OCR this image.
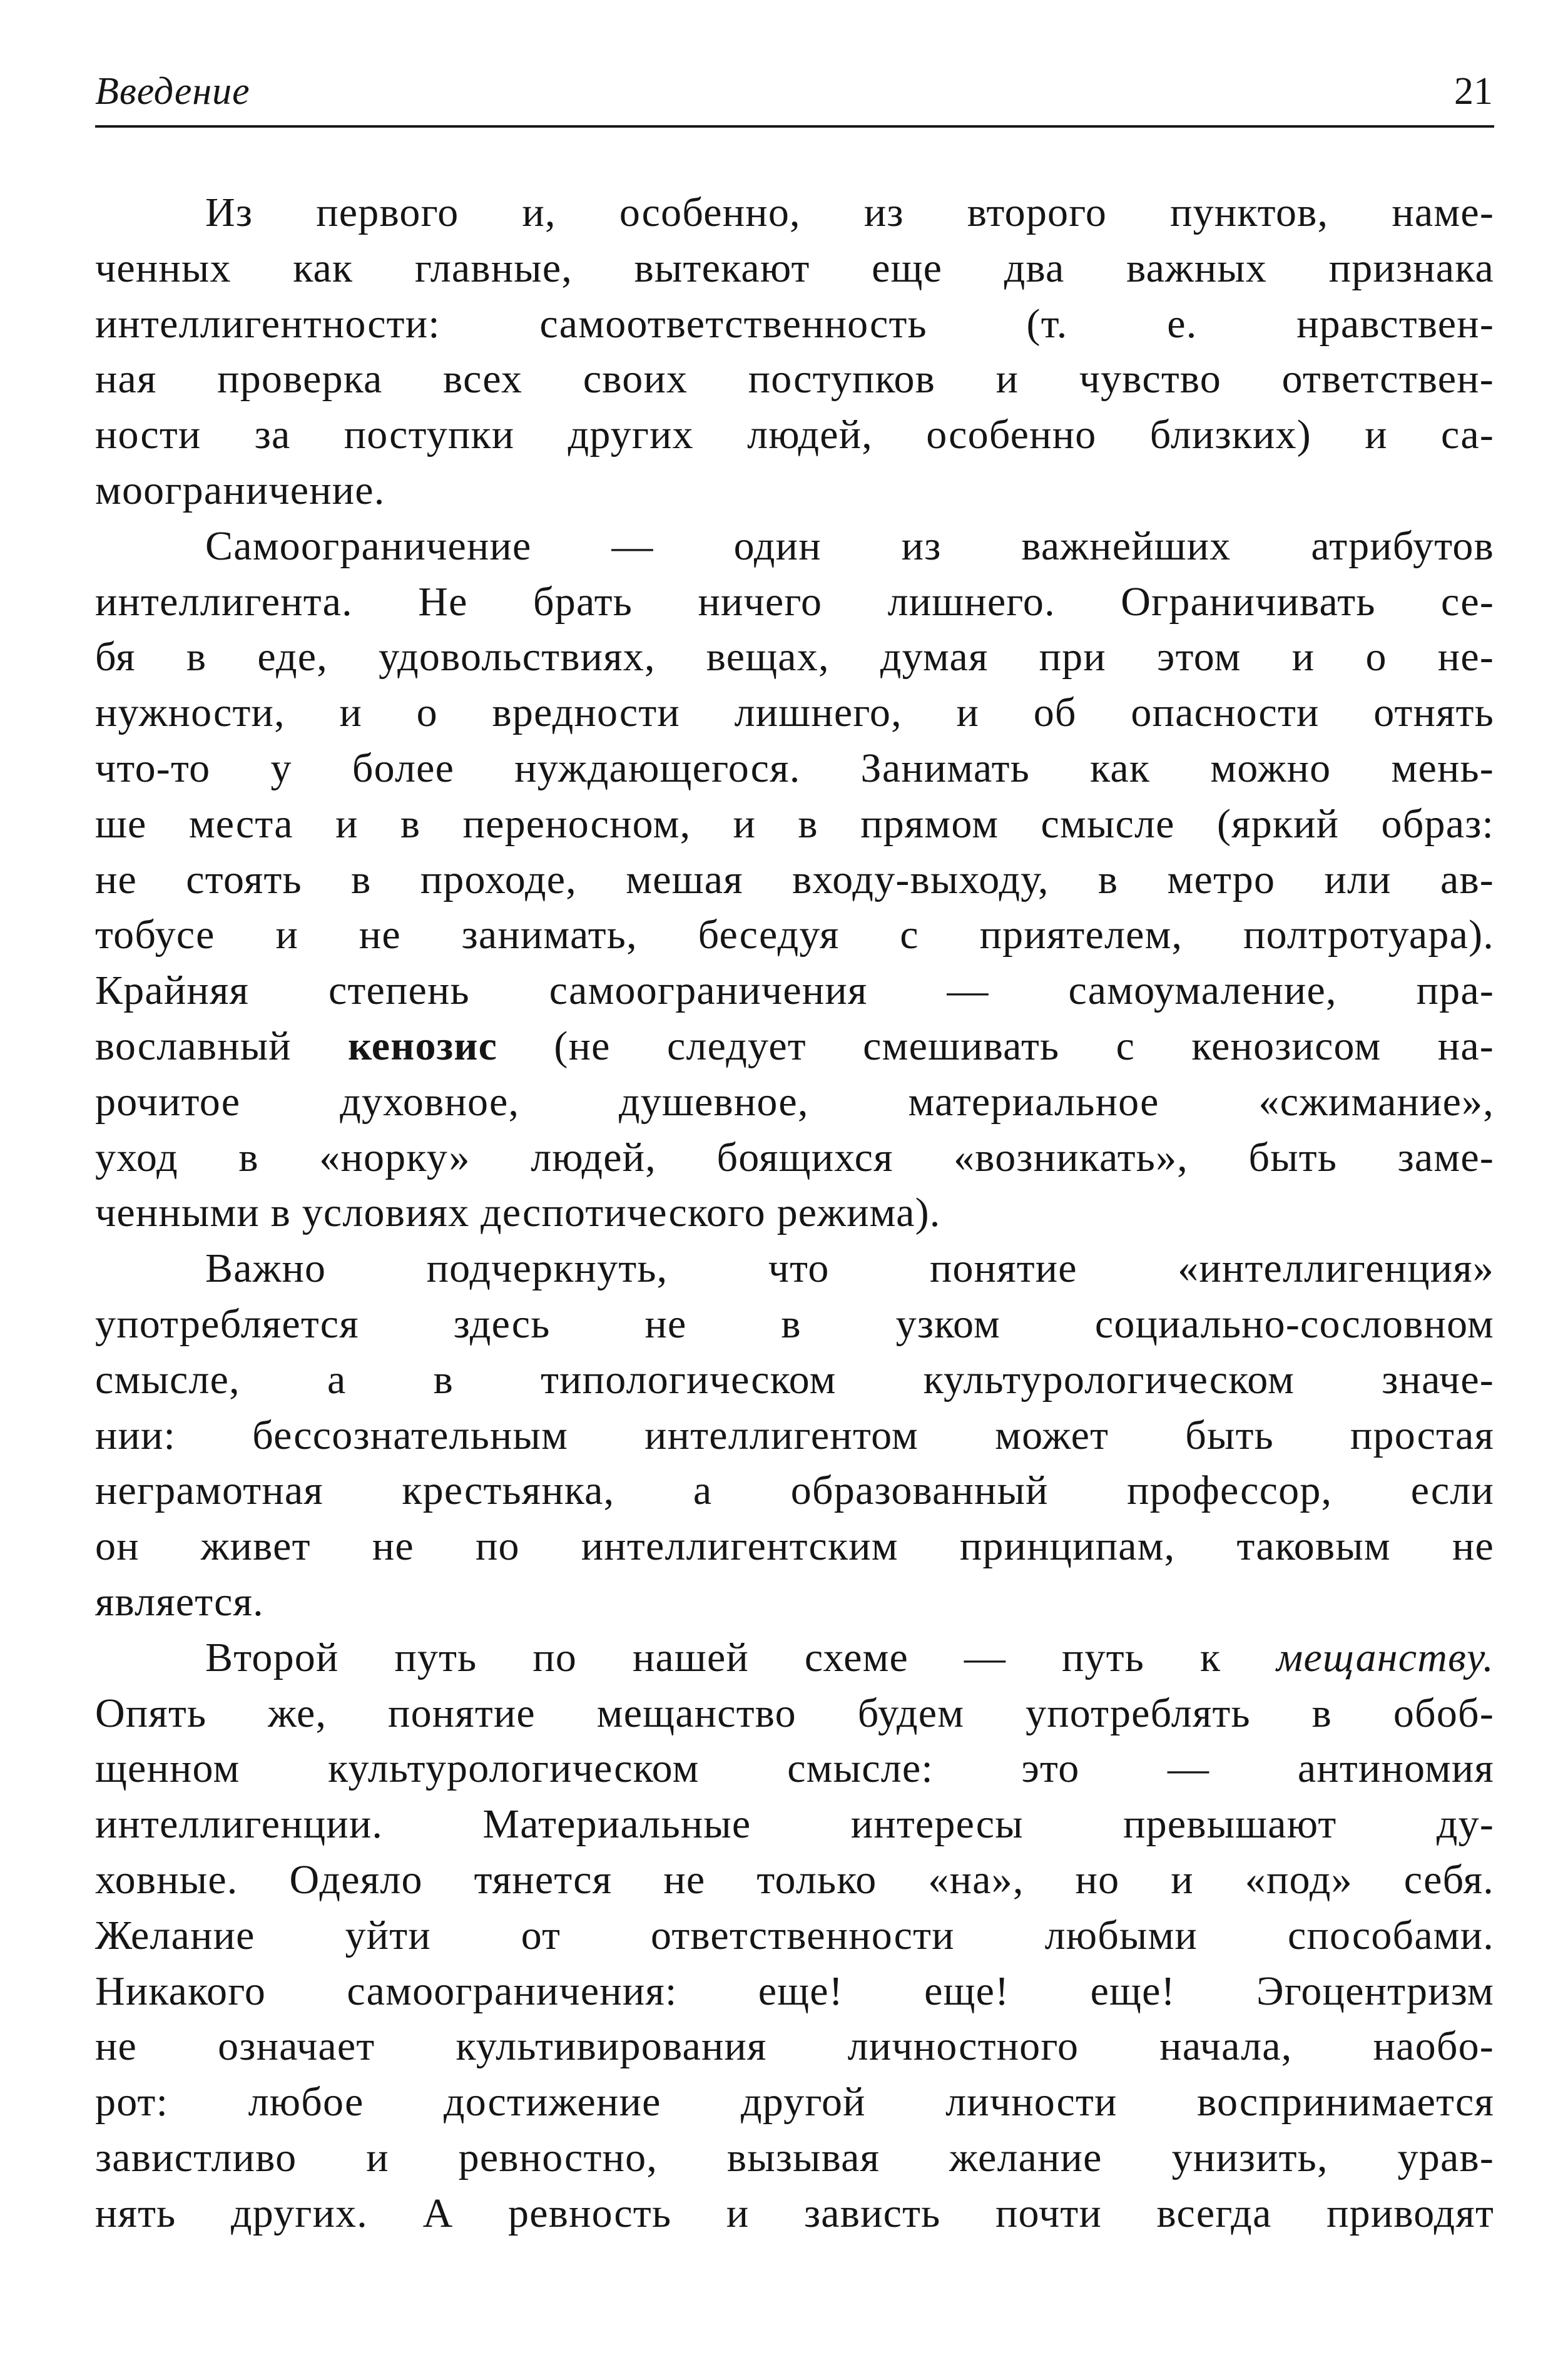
Введение	21
Из первого и, особенно, из второго пунктов, наме-
ченных как главные, вытекают еще два важных признака
интеллигентности: самоответственность (т. е. нравствен-
ная проверка всех своих поступков и чувство ответствен-
ности за поступки других людей, особенно близких) и са-
моограничение.
Самоограничение — один из важнейших атрибутов
интеллигента. Не брать ничего лишнего. Ограничивать се-
бя в еде, удовольствиях, вещах, думая при этом и о не-
нужности, и о вредности лишнего, и об опасности отнять
что-то у более нуждающегося. Занимать как можно мень-
ше места и в переносном, и в прямом смысле (яркий образ:
не стоять в проходе, мешая входу-выходу, в метро или ав-
тобусе и не занимать, беседуя с приятелем, полтротуара).
Крайняя степень самоограничения — самоумаление, пра-
вославный кенозис (не следует смешивать с кенозисом на-
рочитое духовное, душевное, материальное «сжимание»,
уход в «норку» людей, боящихся «возникать», быть заме-
ченными в условиях деспотического режима).
Важно подчеркнуть, что понятие «интеллигенция»
употребляется здесь не в узком социально-сословном
смысле, а в типологическом культурологическом значе-
нии: бессознательным интеллигентом может быть простая
неграмотная крестьянка, а образованный профессор, если
он живет не по интеллигентским принципам, таковым не
является.
Второй путь по нашей схеме — путь к мещанству.
Опять же, понятие мещанство будем употреблять в обоб-
щенном культурологическом смысле: это — антиномия
интеллигенции. Материальные интересы превышают ду-
ховные. Одеяло тянется не только «на», но и «под» себя.
Желание уйти от ответственности любыми способами.
Никакого самоограничения: еще! еще! еще! Эгоцентризм
не означает культивирования личностного начала, наобо-
рот: любое достижение другой личности воспринимается
завистливо и ревностно, вызывая желание унизить, урав-
нять других. А ревность и зависть почти всегда приводят
